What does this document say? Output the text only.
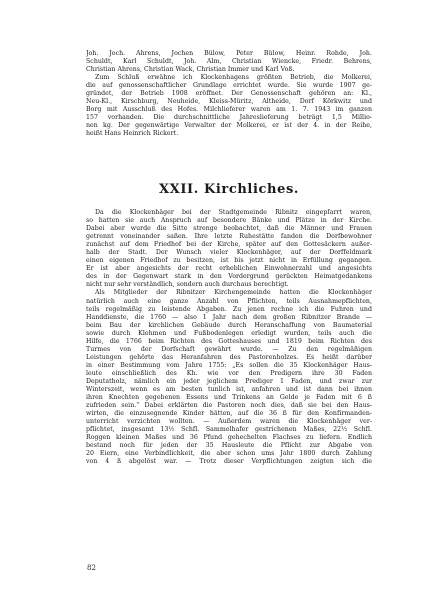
Joh. Joch. Ahrens, Jochen Bülow, Peter Bülow, Heinr. Rohde, Joh.
Schuldt, Karl Schuldt, Joh. Alm, Christian Wiencke, Friedr. Behrens,
Christian Ahrens, Christian Wack, Christian Immer und Karl Voß.
Zum Schluß erwähne ich Klockenhagens größten Betrieb, die Molkerei,
die auf genossenschaftlicher Grundlage errichtet wurde. Sie wurde 1907 ge-
gründet, der Betrieb 1908 eröffnet. Der Genossenschaft gehören an: Kl.,
Neu-Kl., Kirschburg, Neuheide, Kleiss-Müritz, Altheide, Dorf Körkwitz und
Borg mit Ausschluß des Hofes. Milchlieferer waren am 1. 7. 1943 im ganzen
157 vorhanden. Die durchschnittliche Jahreslieferung beträgt 1,5 Millio-
nen kg. Der gegenwärtige Verwalter der Molkerei, er ist der 4. in der Reihe,
heißt Hans Heinrich Rickert.
XXII. Kirchliches.
Da die Klockenhäger bei der Stadtgemeinde Ribnitz eingepfarrt waren,
so hatten sie auch Anspruch auf besondere Bänke und Plätze in der Kirche.
Dabei aber wurde die Sitte strenge beobachtet, daß die Männer und Frauen
getrennt voneinander saßen. Ihre letzte Ruhestätte fanden die Dorfbewohner
zunächst auf dem Friedhof bei der Kirche, später auf den Gottesäckern außer-
halb der Stadt. Der Wunsch vieler Klockenhäger, auf der Dorffeldmark
einen eigenen Friedhof zu besitzen, ist bis jetzt nicht in Erfüllung gegangen.
Er ist aber angesichts der recht erheblichen Einwohnerzahl und angesichts
des in der Gegenwart stark in den Vordergrund gerückten Heimatgedankens
nicht nur sehr verständlich, sondern auch durchaus berechtigt.
Als Mitglieder der Ribnitzer Kirchengemeinde hatten die Klockenhäger
natürlich auch eine ganze Anzahl von Pflichten, teils Ausnahmepflichten,
teils regelmäßig zu leistende Abgaben. Zu jenen rechne ich die Fuhren und
Handdienste, die 1760 — also 1 Jahr nach dem großen Ribnitzer Brande —
beim Bau der kirchlichen Gebäude durch Heranschaffung von Baumaterial
sowie durch Klehmen und Fußbodenlegen erledigt wurden, teils auch die
Hilfe, die 1766 beim Richten des Gotteshauses und 1819 beim Richten des
Turmes von der Dorfschaft gewährt wurde. — Zu den regelmäßigen
Leistungen gehörte das Heranfahren des Pastorenholzes. Es heißt darüber
in einer Bestimmung vom Jahre 1755: „Es sollen die 35 Klockenhäger Haus-
leute einschließlich des Kh. wie vor den Predigern ihre 30 Faden
Deputatholz, nämlich ein jeder jeglichem Prediger 1 Faden, und zwar zur
Winterszeit, wenn es am besten tunlich ist, anfahren und ist dann bei ihnen
ihren Knechten gegebenen Essens und Trinkens an Gelde je Faden mit 6 ß
zufrieden sein.“ Dabei erklärten die Pastoren noch dies, daß sie bei den Haus-
wirten, die einzusegnende Kinder hätten, auf die 36 ß für den Konfirmanden-
unterricht verzichten wollten. — Außerdem waren die Klockenhäger ver-
pflichtet, insgesamt 13½ Schfl. Sammelhafer gestrichenen Maßes, 22½ Schfl.
Roggen kleinen Maßes und 36 Pfund gehechelten Flachses zu liefern. Endlich
bestand noch für jeden der 35 Hausleute die Pflicht zur Abgabe von
20 Eiern, eine Verbindlichkeit, die aber schon ums Jahr 1800 durch Zahlung
von 4 ß abgelöst war. — Trotz dieser Verpflichtungen zeigten sich die
82
